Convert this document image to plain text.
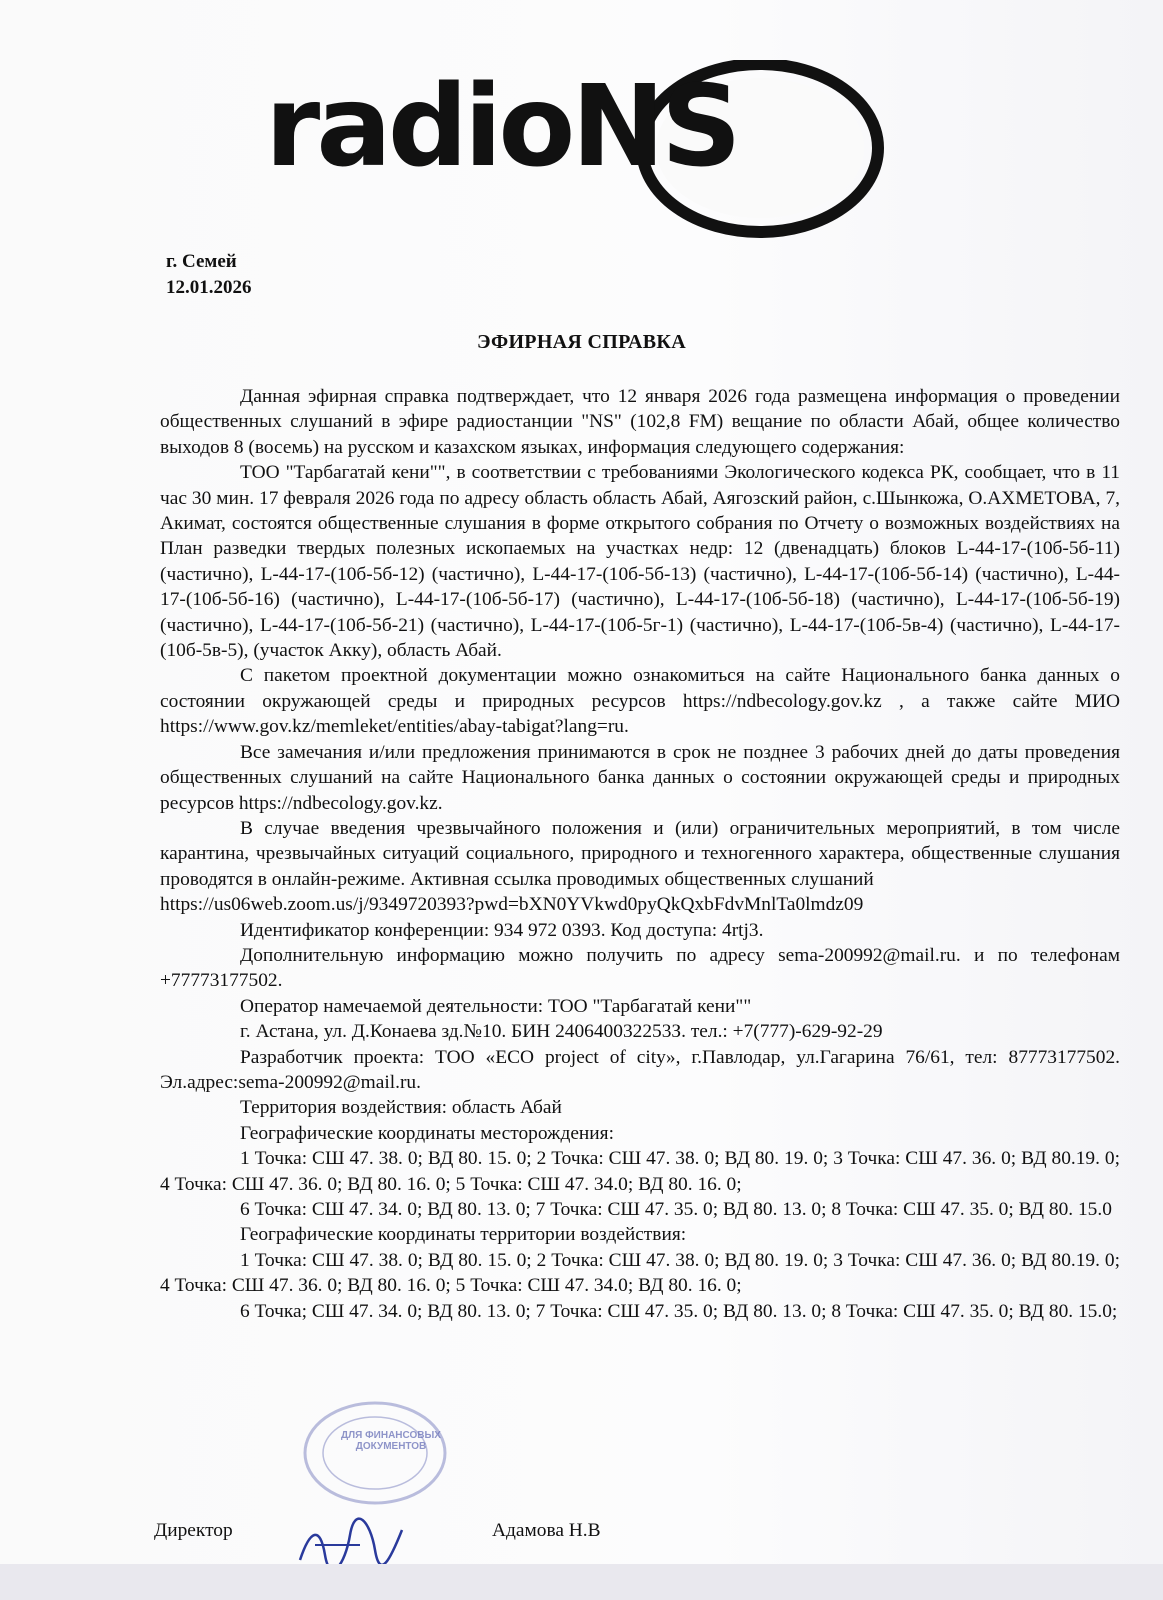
radioNS
г. Семей
12.01.2026
ЭФИРНАЯ СПРАВКА

Данная эфирная справка подтверждает, что 12 января 2026 года размещена информация о проведении общественных слушаний в эфире радиостанции "NS" (102,8 FM) вещание по области Абай, общее количество выходов 8 (восемь) на русском и казахском языках, информация следующего содержания:

ТОО "Тарбагатай кени"", в соответствии с требованиями Экологического кодекса РК, сообщает, что в 11 час 30 мин. 17 февраля 2026 года по адресу область область Абай, Аягозский район, с.Шынкожа, О.АХМЕТОВА, 7, Акимат, состоятся общественные слушания в форме открытого собрания по Отчету о возможных воздействиях на План разведки твердых полезных ископаемых на участках недр: 12 (двенадцать) блоков L-44-17-(10б-5б-11) (частично), L-44-17-(10б-5б-12) (частично), L-44-17-(10б-5б-13) (частично), L-44-17-(10б-5б-14) (частично), L-44-17-(10б-5б-16) (частично), L-44-17-(10б-5б-17) (частично), L-44-17-(10б-5б-18) (частично), L-44-17-(10б-5б-19) (частично), L-44-17-(10б-5б-21) (частично), L-44-17-(10б-5г-1) (частично), L-44-17-(10б-5в-4) (частично), L-44-17-(10б-5в-5), (участок Акку), область Абай.

С пакетом проектной документации можно ознакомиться на сайте Национального банка данных о состоянии окружающей среды и природных ресурсов https://ndbecology.gov.kz , а также сайте МИО https://www.gov.kz/memleket/entities/abay-tabigat?lang=ru.

Все замечания и/или предложения принимаются в срок не позднее 3 рабочих дней до даты проведения общественных слушаний на сайте Национального банка данных о состоянии окружающей среды и природных ресурсов https://ndbecology.gov.kz.

В случае введения чрезвычайного положения и (или) ограничительных мероприятий, в том числе карантина, чрезвычайных ситуаций социального, природного и техногенного характера, общественные слушания проводятся в онлайн-режиме. Активная ссылка проводимых общественных слушаний

https://us06web.zoom.us/j/9349720393?pwd=bXN0YVkwd0pyQkQxbFdvMnlTa0lmdz09

Идентификатор конференции: 934 972 0393. Код доступа: 4rtj3.

Дополнительную информацию можно получить по адресу sema-200992@mail.ru. и по телефонам +77773177502.

Оператор намечаемой деятельности: ТОО "Тарбагатай кени""

г. Астана, ул. Д.Конаева зд.№10. БИН 240640032253З. тел.: +7(777)-629-92-29

Разработчик проекта: ТОО «ECO project of city», г.Павлодар, ул.Гагарина 76/61, тел: 87773177502. Эл.адрес:sema-200992@mail.ru.

Территория воздействия: область Абай

Географические координаты месторождения:

1 Точка: СШ 47. 38. 0; ВД 80. 15. 0; 2 Точка: СШ 47. 38. 0; ВД 80. 19. 0; 3 Точка: СШ 47. 36. 0; ВД 80.19. 0; 4 Точка: СШ 47. 36. 0; ВД 80. 16. 0; 5 Точка: СШ 47. 34.0; ВД 80. 16. 0;

6 Точка: СШ 47. 34. 0; ВД 80. 13. 0; 7 Точка: СШ 47. 35. 0; ВД 80. 13. 0; 8 Точка: СШ 47. 35. 0; ВД 80. 15.0

Географические координаты территории воздействия:

1 Точка: СШ 47. 38. 0; ВД 80. 15. 0; 2 Точка: СШ 47. 38. 0; ВД 80. 19. 0; 3 Точка: СШ 47. 36. 0; ВД 80.19. 0; 4 Точка: СШ 47. 36. 0; ВД 80. 16. 0; 5 Точка: СШ 47. 34.0; ВД 80. 16. 0;

6 Точка; СШ 47. 34. 0; ВД 80. 13. 0; 7 Точка: СШ 47. 35. 0; ВД 80. 13. 0; 8 Точка: СШ 47. 35. 0; ВД 80. 15.0;

ДЛЯ ФИНАНСОВЫХ ДОКУМЕНТОВ
Директор	Адамова Н.В
